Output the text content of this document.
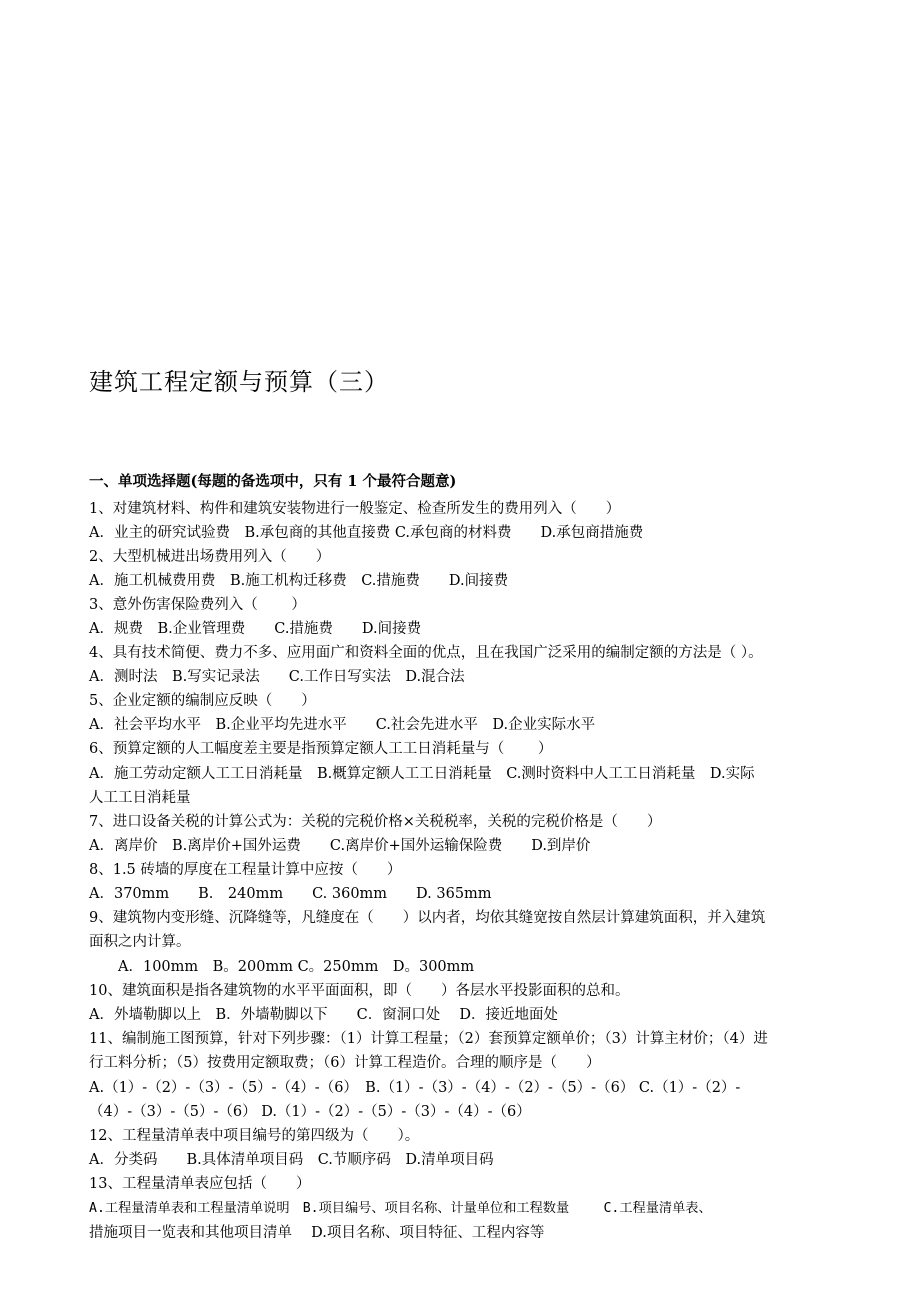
建筑工程定额与预算（三）
一、单项选择题(每题的备选项中，只有 1 个最符合题意)
1、对建筑材料、构件和建筑安装物进行一般鉴定、检查所发生的费用列入（　　）
A．业主的研究试验费　B.承包商的其他直接费 C.承包商的材料费　　D.承包商措施费
2、大型机械进出场费用列入（　　）
A．施工机械费用费　B.施工机构迁移费　C.措施费　　D.间接费
3、意外伤害保险费列入（　　 ）
A．规费　B.企业管理费　　C.措施费　　D.间接费
4、具有技术简便、费力不多、应用面广和资料全面的优点，且在我国广泛采用的编制定额的方法是（ ）。
A．测时法　B.写实记录法　　C.工作日写实法　D.混合法
5、企业定额的编制应反映（　　）
A．社会平均水平　B.企业平均先进水平　　C.社会先进水平　D.企业实际水平
6、预算定额的人工幅度差主要是指预算定额人工工日消耗量与（　　 ）
A．施工劳动定额人工工日消耗量　B.概算定额人工工日消耗量　C.测时资料中人工工日消耗量　D.实际
人工工日消耗量
7、进口设备关税的计算公式为：关税的完税价格×关税税率，关税的完税价格是（　　）
A．离岸价　B.离岸价+国外运费　　C.离岸价+国外运输保险费　　D.到岸价
8、1.5 砖墙的厚度在工程量计算中应按（　　）
A．370mm　　B.　240mm　　C. 360mm　　D. 365mm
9、建筑物内变形缝、沉降缝等，凡缝度在（　　）以内者，均依其缝宽按自然层计算建筑面积，并入建筑
面积之内计算。
A．100mm　B。200mm C。250mm　D。300mm
10、建筑面积是指各建筑物的水平平面面积，即（　　）各层水平投影面积的总和。
A．外墙勒脚以上　B．外墙勒脚以下　　C．窗洞口处　 D．接近地面处
11、编制施工图预算，针对下列步骤：（1）计算工程量；（2）套预算定额单价；（3）计算主材价；（4）进
行工料分析；（5）按费用定额取费；（6）计算工程造价。合理的顺序是（　　）
A.（1）-（2）-（3）-（5）-（4）-（6）　B.（1）-（3）-（4）-（2）-（5）-（6） C.（1）-（2）-
（4）-（3）-（5）-（6） D.（1）-（2）-（5）-（3）-（4）-（6）
12、工程量清单表中项目编号的第四级为（　　）。
A．分类码　　B.具体清单项目码　C.节顺序码　D.清单项目码
13、工程量清单表应包括（　　）
A.工程量清单表和工程量清单说明　B.项目编号、项目名称、计量单位和工程数量　　 C.工程量清单表、
措施项目一览表和其他项目清单　 D.项目名称、项目特征、工程内容等
